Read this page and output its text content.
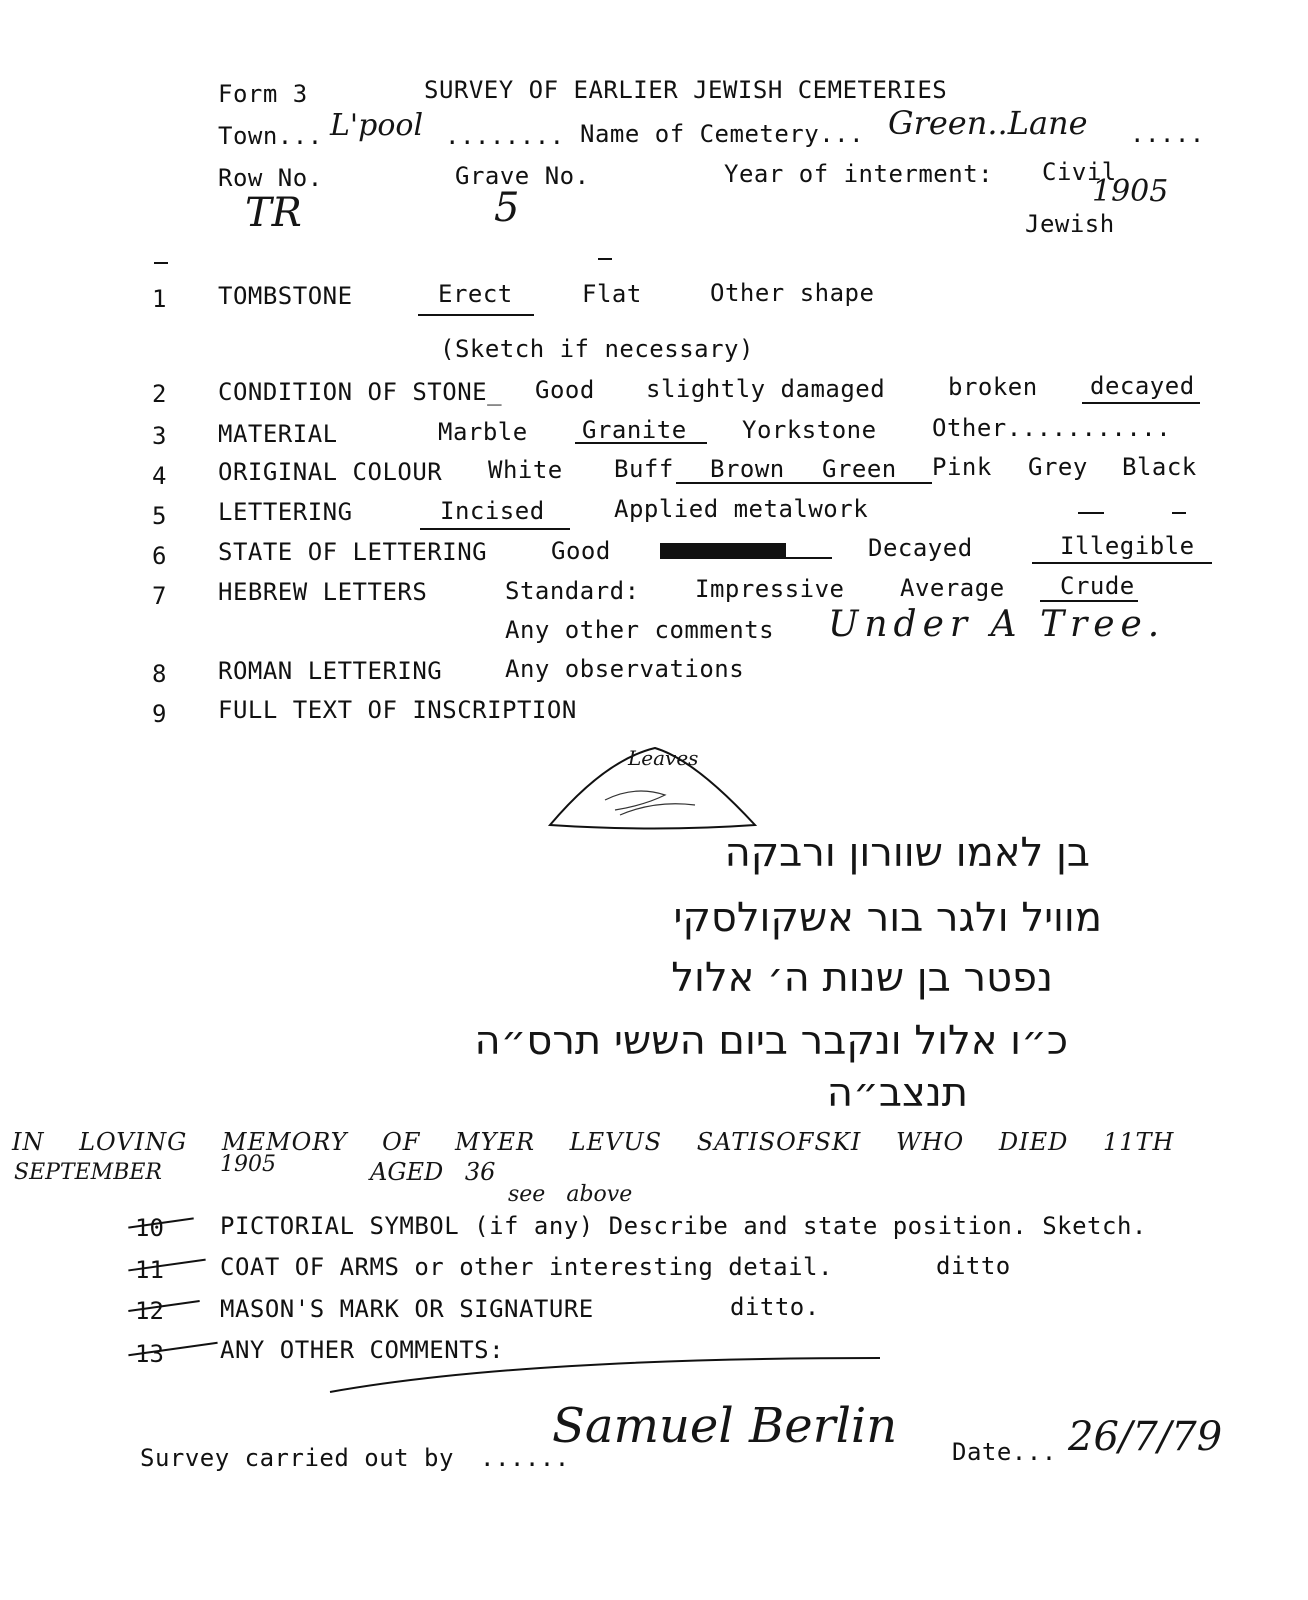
Form 3	SURVEY OF EARLIER JEWISH CEMETERIES
Town... L'pool ........ Name of Cemetery... Green..Lane .....
Row No.	Grave No.	Year of interment: Civil
TR	5	1905
Jewish
1 TOMBSTONE	Erect	Flat	Other shape
(Sketch if necessary)
2 CONDITION OF STONE_ Good slightly damaged	broken decayed
3 MATERIAL	Marble Granite Yorkstone Other...........
4 ORIGINAL COLOUR White Buff Brown Green Pink Grey Black
5 LETTERING	Incised	Applied metalwork
6 STATE OF LETTERING	Good	Decayed	Illegible
7 HEBREW LETTERS	Standard: Impressive Average Crude
Any other comments Under A Tree.
8 ROMAN LETTERING	Any observations
9 FULL TEXT OF INSCRIPTION
Leaves
בן לאמו שוורון ורבקה
מוויל ולגר בור אשקולסקי
נפטר בן שנות ה׳ אלול
כ״ו אלול ונקבר ביום הששי תרס״ה
תנצב״ה
IN LOVING MEMORY OF MYER LEVUS SATISOFSKI WHO DIED 11TH
SEPTEMBER	1905	AGED 36
see above
10 PICTORIAL SYMBOL (if any) Describe and state position. Sketch.
11 COAT OF ARMS or other interesting detail.	ditto
12 MASON'S MARK OR SIGNATURE	ditto.
13 ANY OTHER COMMENTS:
Survey carried out by ......
Samuel Berlin Date... 26/7/79
